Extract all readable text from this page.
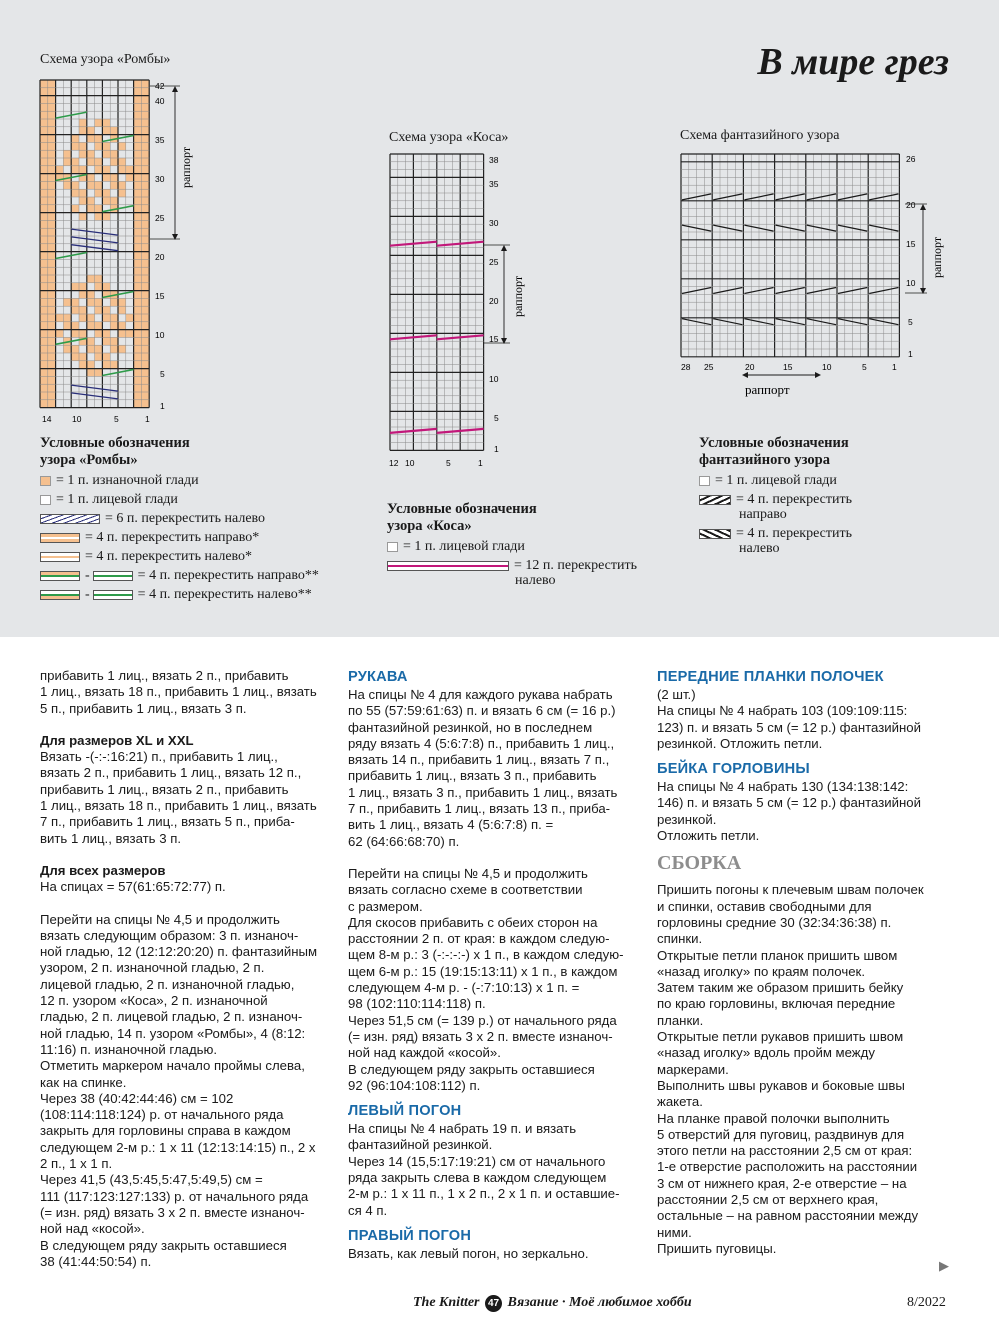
В мире грез
Схема узора «Ромбы»
Схема узора «Коса»	Схема фантазийного узора
42
40
35
30
25
20
15
10
5
1
14 10	5	1
раппорт	38
35
30
25
20
15
10
5
1
12 10	5	1
раппорт
26
20
15
10
5
1
28 25	20	15	10	5	1
раппорт
раппорт
Условные обозначения
узора «Ромбы»
= 1 п. изнаночной глади
= 1 п. лицевой глади
= 6 п. перекрестить налево
= 4 п. перекрестить направо*
= 4 п. перекрестить налево*
-	= 4 п. перекрестить направо**
-	= 4 п. перекрестить налево**
Условные обозначения
узора «Коса»
= 1 п. лицевой глади
= 12 п. перекрестить
налево
Условные обозначения
фантазийного узора
= 1 п. лицевой глади
= 4 п. перекрестить
направо
= 4 п. перекрестить
налево

прибавить 1 лиц., вязать 2 п., прибавить

1 лиц., вязать 18 п., прибавить 1 лиц., вязать

5 п., прибавить 1 лиц., вязать 3 п.

Для размеров XL и XXL

Вязать -(-:-:16:21) п., прибавить 1 лиц.,

вязать 2 п., прибавить 1 лиц., вязать 12 п.,

прибавить 1 лиц., вязать 2 п., прибавить

1 лиц., вязать 18 п., прибавить 1 лиц., вязать

7 п., прибавить 1 лиц., вязать 5 п., приба-

вить 1 лиц., вязать 3 п.

Для всех размеров

На спицах = 57(61:65:72:77) п.

Перейти на спицы № 4,5 и продолжить

вязать следующим образом: 3 п. изнаноч-

ной гладью, 12 (12:12:20:20) п. фантазийным

узором, 2 п. изнаночной гладью, 2 п.

лицевой гладью, 2 п. изнаночной гладью,

12 п. узором «Коса», 2 п. изнаночной

гладью, 2 п. лицевой гладью, 2 п. изнаноч-

ной гладью, 14 п. узором «Ромбы», 4 (8:12:

11:16) п. изнаночной гладью.

Отметить маркером начало проймы слева,

как на спинке.

Через 38 (40:42:44:46) см = 102

(108:114:118:124) р. от начального ряда

закрыть для горловины справа в каждом

следующем 2-м р.: 1 х 11 (12:13:14:15) п., 2 х

2 п., 1 х 1 п.

Через 41,5 (43,5:45,5:47,5:49,5) см =

111 (117:123:127:133) р. от начального ряда

(= изн. ряд) вязать 3 х 2 п. вместе изнаноч-

ной над «косой».

В следующем ряду закрыть оставшиеся

38 (41:44:50:54) п.

РУКАВА

На спицы № 4 для каждого рукава набрать

по 55 (57:59:61:63) п. и вязать 6 см (= 16 р.)

фантазийной резинкой, но в последнем

ряду вязать 4 (5:6:7:8) п., прибавить 1 лиц.,

вязать 14 п., прибавить 1 лиц., вязать 7 п.,

прибавить 1 лиц., вязать 3 п., прибавить

1 лиц., вязать 3 п., прибавить 1 лиц., вязать

7 п., прибавить 1 лиц., вязать 13 п., приба-

вить 1 лиц., вязать 4 (5:6:7:8) п. =

62 (64:66:68:70) п.

Перейти на спицы № 4,5 и продолжить

вязать согласно схеме в соответствии

с размером.

Для скосов прибавить с обеих сторон на

расстоянии 2 п. от края: в каждом следую-

щем 8-м р.: 3 (-:-:-:-) х 1 п., в каждом следую-

щем 6-м р.: 15 (19:15:13:11) х 1 п., в каждом

следующем 4-м р. - (-:7:10:13) х 1 п. =

98 (102:110:114:118) п.

Через 51,5 см (= 139 р.) от начального ряда

(= изн. ряд) вязать 3 х 2 п. вместе изнаноч-

ной над каждой «косой».

В следующем ряду закрыть оставшиеся

92 (96:104:108:112) п.

ЛЕВЫЙ ПОГОН

На спицы № 4 набрать 19 п. и вязать

фантазийной резинкой.

Через 14 (15,5:17:19:21) см от начального

ряда закрыть слева в каждом следующем

2-м р.: 1 х 11 п., 1 х 2 п., 2 х 1 п. и оставшие-

ся 4 п.

ПРАВЫЙ ПОГОН

Вязать, как левый погон, но зеркально.

ПЕРЕДНИЕ ПЛАНКИ ПОЛОЧЕК

(2 шт.)

На спицы № 4 набрать 103 (109:109:115:

123) п. и вязать 5 см (= 12 р.) фантазийной

резинкой. Отложить петли.

БЕЙКА ГОРЛОВИНЫ

На спицы № 4 набрать 130 (134:138:142:

146) п. и вязать 5 см (= 12 р.) фантазийной

резинкой.

Отложить петли.

СБОРКА

Пришить погоны к плечевым швам полочек

и спинки, оставив свободными для

горловины средние 30 (32:34:36:38) п.

спинки.

Открытые петли планок пришить швом

«назад иголку» по краям полочек.

Затем таким же образом пришить бейку

по краю горловины, включая передние

планки.

Открытые петли рукавов пришить швом

«назад иголку» вдоль пройм между

маркерами.

Выполнить швы рукавов и боковые швы

жакета.

На планке правой полочки выполнить

5 отверстий для пуговиц, раздвинув для

этого петли на расстоянии 2,5 см от края:

1-е отверстие расположить на расстоянии

3 см от нижнего края, 2-е отверстие – на

расстоянии 2,5 см от верхнего края,

остальные – на равном расстоянии между

ними.

Пришить пуговицы.

▶
The Knitter 47 Вязание · Моё любимое хобби	8/2022
